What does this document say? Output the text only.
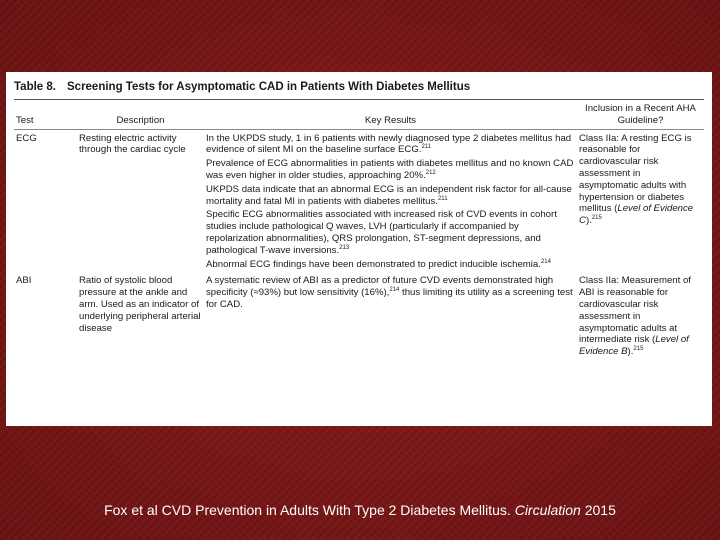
Table 8. Screening Tests for Asymptomatic CAD in Patients With Diabetes Mellitus
Test	Description	Key Results	Inclusion in a Recent AHA Guideline?
ECG	Resting electric activity through the cardiac cycle	In the UKPDS study, 1 in 6 patients with newly diagnosed type 2 diabetes mellitus had evidence of silent MI on the baseline surface ECG.$^{211}$
Prevalence of ECG abnormalities in patients with diabetes mellitus and no known CAD was even higher in older studies, approaching 20%.$^{212}$
UKPDS data indicate that an abnormal ECG is an independent risk factor for all-cause mortality and fatal MI in patients with diabetes mellitus.$^{211}$
Specific ECG abnormalities associated with increased risk of CVD events in cohort studies include pathological Q waves, LVH (particularly if accompanied by repolarization abnormalities), QRS prolongation, ST-segment depressions, and pathological T-wave inversions.$^{213}$
Abnormal ECG findings have been demonstrated to predict inducible ischemia.$^{214}$	Class IIa: A resting ECG is reasonable for cardiovascular risk assessment in asymptomatic adults with hypertension or diabetes mellitus (Level of Evidence C).$^{215}$
ABI	Ratio of systolic blood pressure at the ankle and arm. Used as an indicator of underlying peripheral arterial disease	A systematic review of ABI as a predictor of future CVD events demonstrated high specificity (≈93%) but low sensitivity (16%),$^{214}$ thus limiting its utility as a screening test for CAD.	Class IIa: Measurement of ABI is reasonable for cardiovascular risk assessment in asymptomatic adults at intermediate risk (Level of Evidence B).$^{215}$
Fox et al CVD Prevention in Adults With Type 2 Diabetes Mellitus. Circulation 2015
